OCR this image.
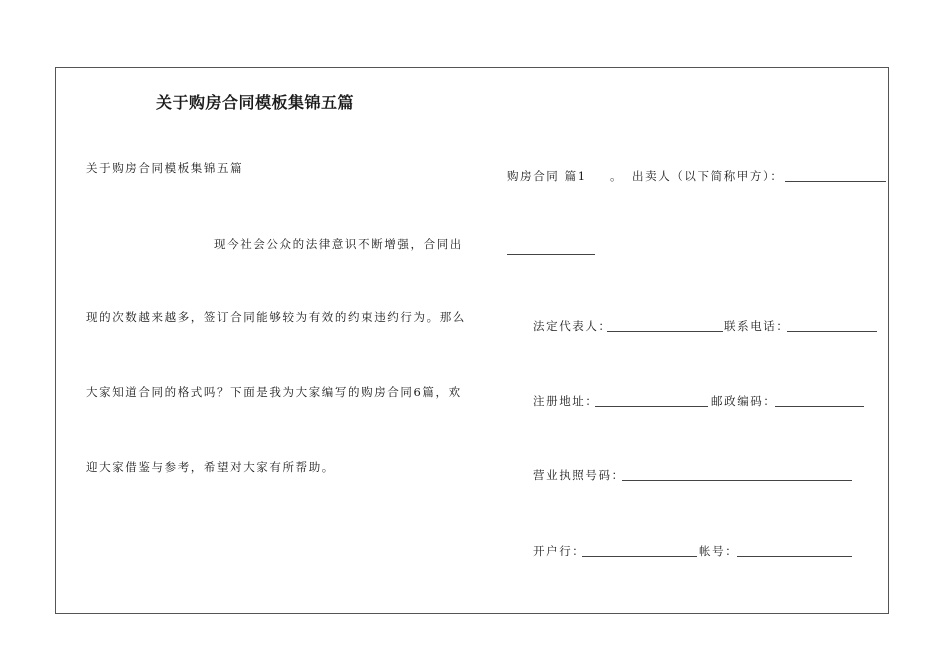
关于购房合同模板集锦五篇
关于购房合同模板集锦五篇
现今社会公众的法律意识不断增强，合同出
现的次数越来越多，签订合同能够较为有效的约束违约行为。那么
大家知道合同的格式吗？下面是我为大家编写的购房合同6篇，欢
迎大家借鉴与参考，希望对大家有所帮助。
购房合同 篇1 。 出卖人（以下简称甲方）：
法定代表人：	联系电话：
注册地址：	邮政编码：
营业执照号码：
开户行：	帐号：
